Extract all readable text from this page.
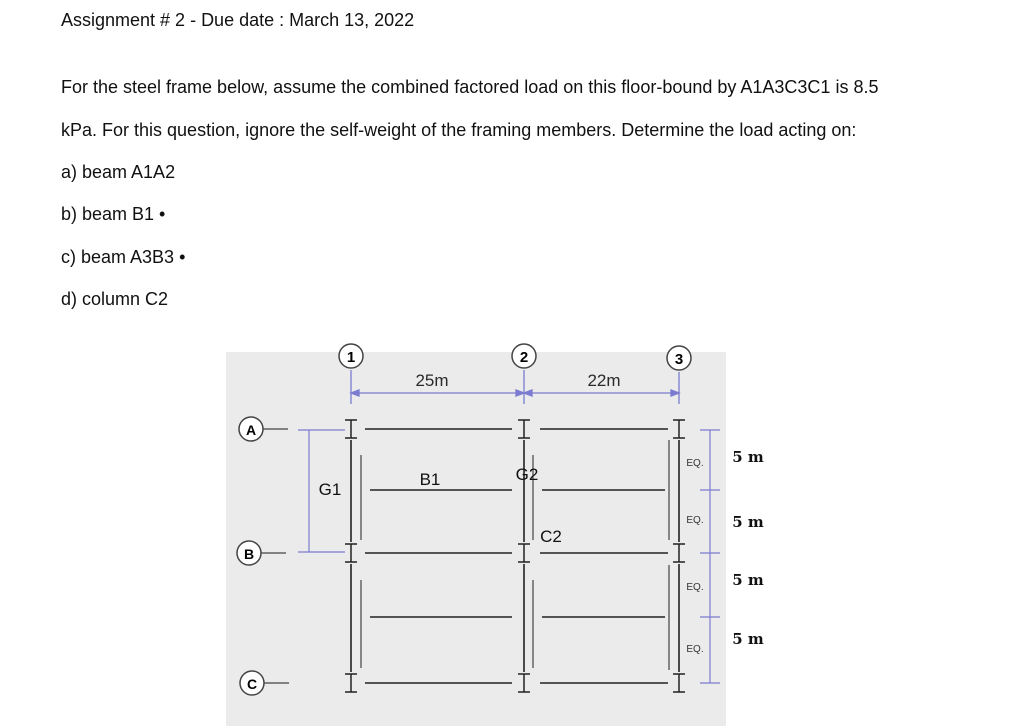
Assignment # 2 - Due date : March 13, 2022
For the steel frame below, assume the combined factored load on this floor-bound by A1A3C3C1 is 8.5
kPa. For this question, ignore the self-weight of the framing members. Determine the load acting on:
a) beam A1A2
b) beam B1 •
c) beam A3B3 •
d) column C2
1	2	3
A
B
C
25m	22m
G1
B1	G2
C2
EQ.
EQ.
EQ.
EQ.
5 m
5 m
5 m
5 m
